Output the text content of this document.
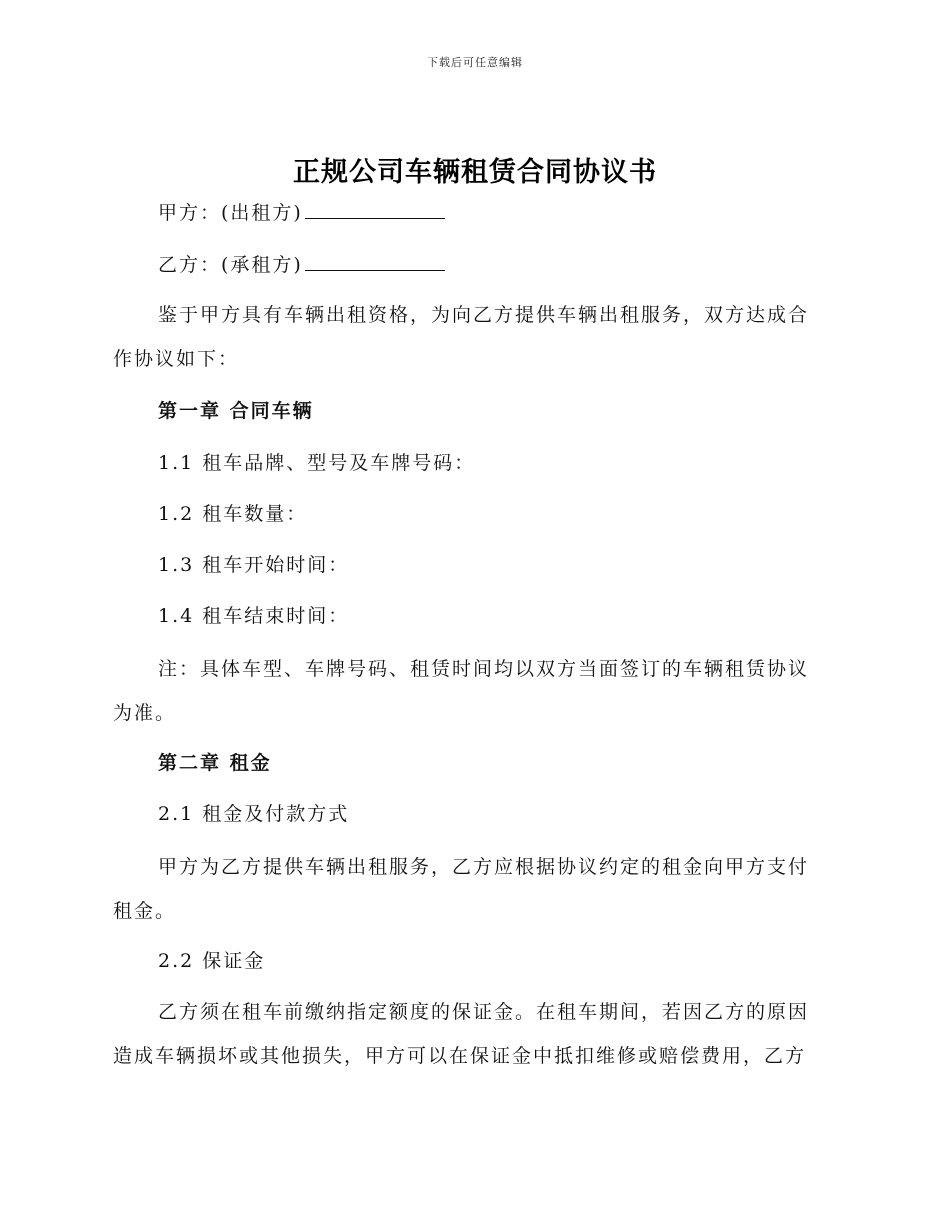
下载后可任意编辑
正规公司车辆租赁合同协议书
甲方：(出租方)
乙方：(承租方)
鉴于甲方具有车辆出租资格，为向乙方提供车辆出租服务，双方达成合
作协议如下：
第一章 合同车辆
1.1 租车品牌、型号及车牌号码：
1.2 租车数量：
1.3 租车开始时间：
1.4 租车结束时间：
注：具体车型、车牌号码、租赁时间均以双方当面签订的车辆租赁协议
为准。
第二章 租金
2.1 租金及付款方式
甲方为乙方提供车辆出租服务，乙方应根据协议约定的租金向甲方支付
租金。
2.2 保证金
乙方须在租车前缴纳指定额度的保证金。在租车期间，若因乙方的原因
造成车辆损坏或其他损失，甲方可以在保证金中抵扣维修或赔偿费用，乙方
